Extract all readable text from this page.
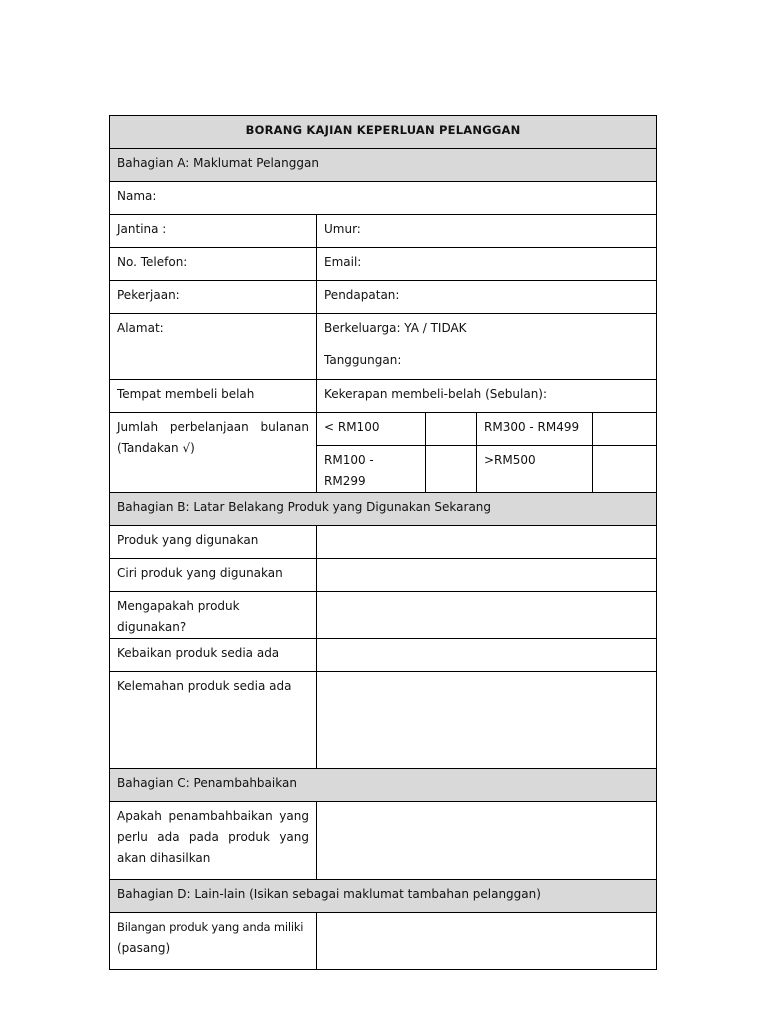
BORANG KAJIAN KEPERLUAN PELANGGAN				
Bahagian A: Maklumat Pelanggan				
Nama:				
Jantina :	Umur:			
No. Telefon:	Email:			
Pekerjaan:	Pendapatan:			
Alamat:	Berkeluarga: YA / TIDAK
Tanggungan:			

Tempat membeli belah	Kekerapan membeli-belah (Sebulan):			

Jumlah perbelanjaan bulanan
(Tandakan √)	< RM100		RM300 - RM499	
	RM100 - RM299		>RM500	
Bahagian B: Latar Belakang Produk yang Digunakan Sekarang				
Produk yang digunakan				
Ciri produk yang digunakan				
Mengapakah produk digunakan?				
Kebaikan produk sedia ada				
Kelemahan produk sedia ada				
Bahagian C: Penambahbaikan				

Apakah penambahbaikan yang
perlu ada pada produk yang
akan dihasilkan				

Bahagian D: Lain-lain (Isikan sebagai maklumat tambahan pelanggan)				

Bilangan produk yang anda miliki
(pasang)				
